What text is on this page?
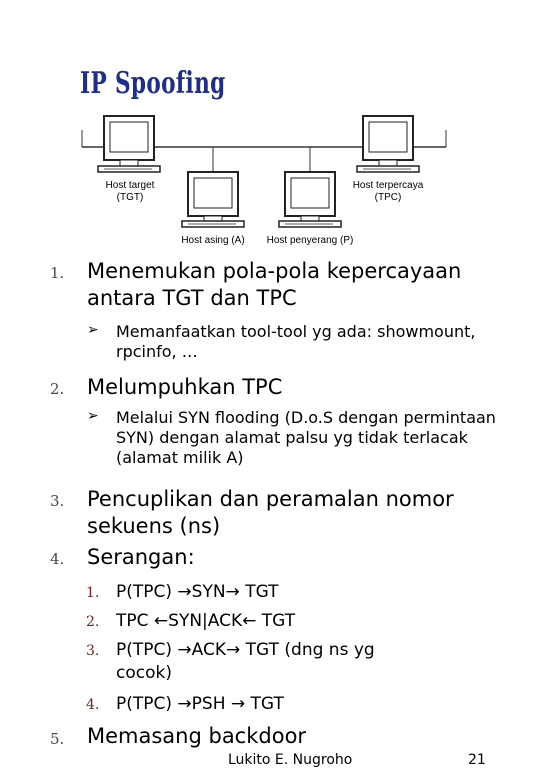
IP Spoofing
Host target
(TGT)
Host asing (A) Host penyerang (P)
Host terpercaya
(TPC)
1. Menemukan pola-pola kepercayaan antara TGT dan TPC
➢ Memanfaatkan tool-tool yg ada: showmount, rpcinfo, …
2. Melumpuhkan TPC
➢ Melalui SYN flooding (D.o.S dengan permintaan SYN) dengan alamat palsu yg tidak terlacak (alamat milik A)
3. Pencuplikan dan peramalan nomor sekuens (ns)
4. Serangan:
1. P(TPC) →SYN→ TGT
2. TPC ←SYN|ACK← TGT
3. P(TPC) →ACK→ TGT (dng ns yg cocok)
4. P(TPC) →PSH → TGT
5. Memasang backdoor
Lukito E. Nugroho	21
